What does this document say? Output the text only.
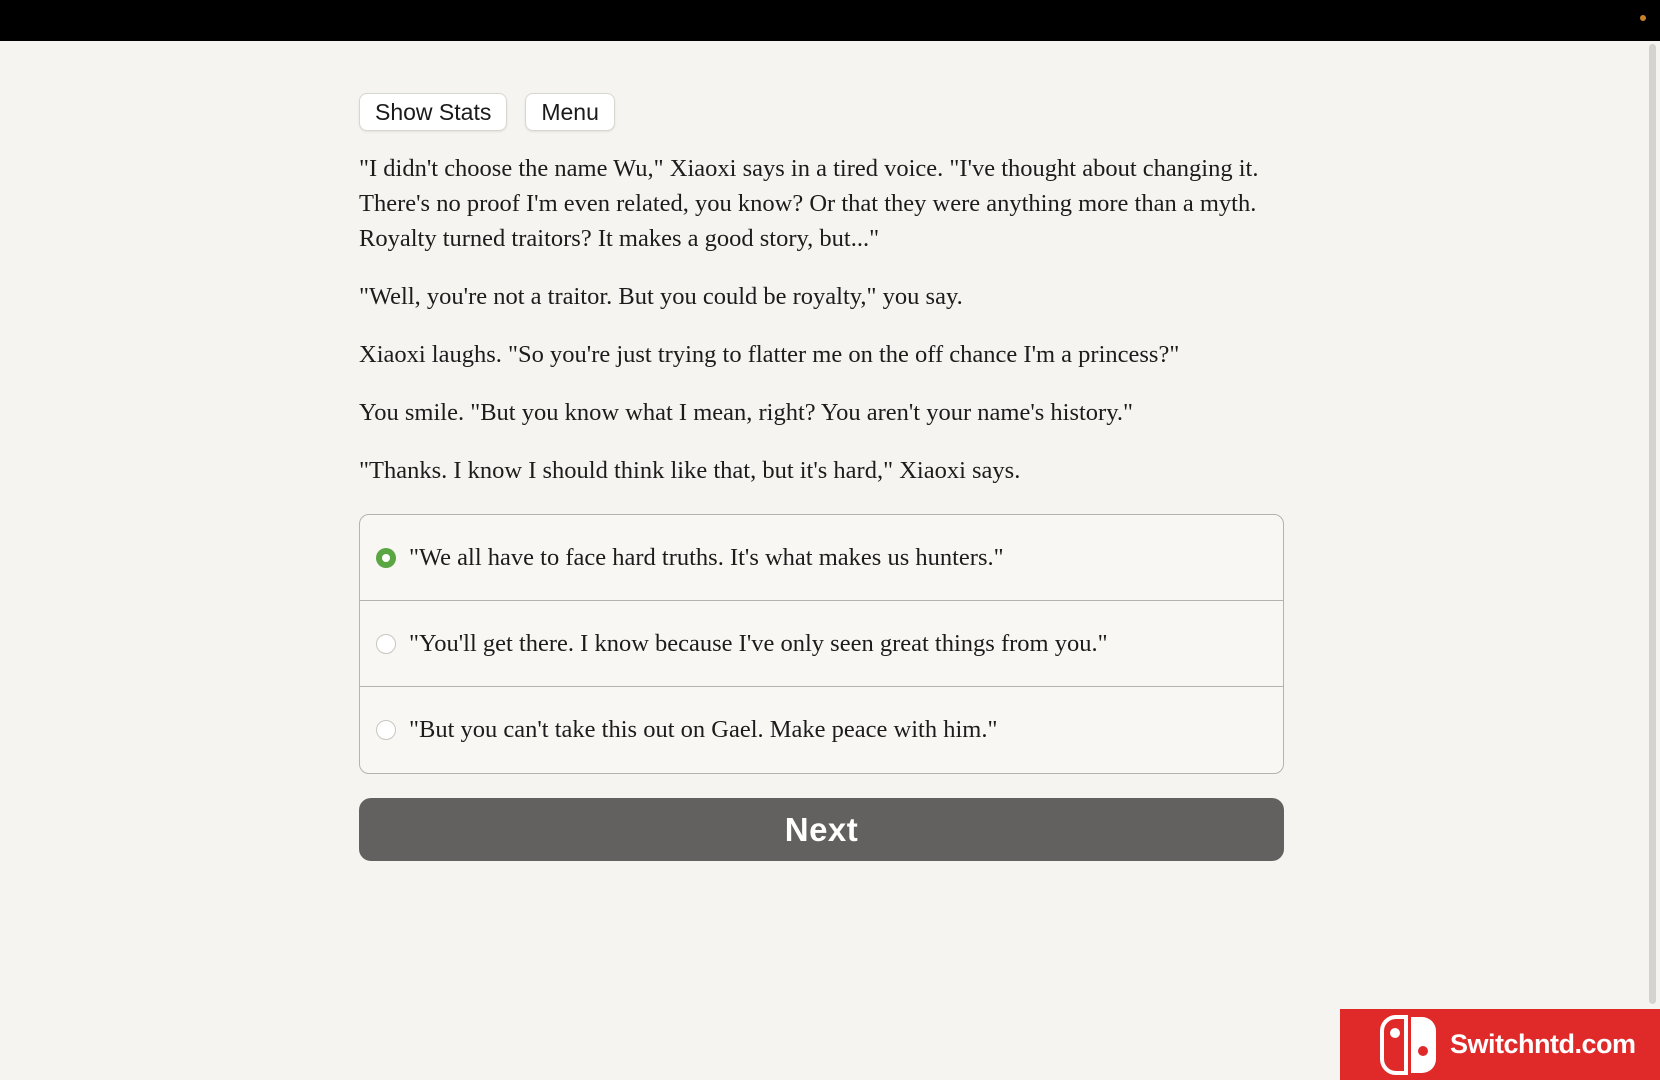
Show Stats	Menu

"I didn't choose the name Wu," Xiaoxi says in a tired voice. "I've thought about changing it. There's no proof I'm even related, you know? Or that they were anything more than a myth. Royalty turned traitors? It makes a good story, but..."

"Well, you're not a traitor. But you could be royalty," you say.

Xiaoxi laughs. "So you're just trying to flatter me on the off chance I'm a princess?"

You smile. "But you know what I mean, right? You aren't your name's history."

"Thanks. I know I should think like that, but it's hard," Xiaoxi says.

"We all have to face hard truths. It's what makes us hunters."
"You'll get there. I know because I've only seen great things from you."
"But you can't take this out on Gael. Make peace with him."
Next
Switchntd.com
